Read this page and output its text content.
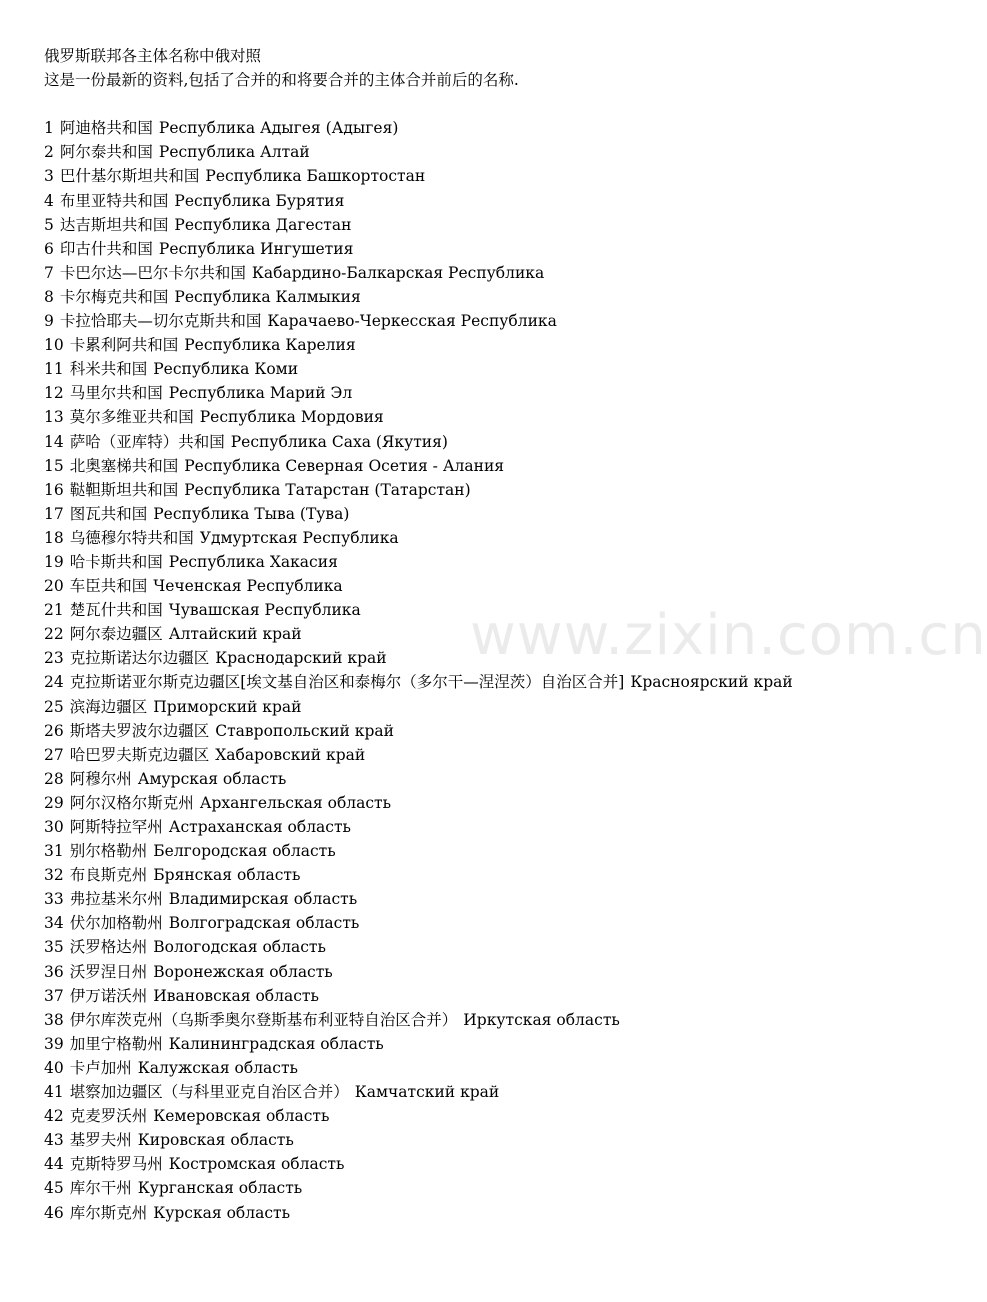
www.zixin.com.cn
俄罗斯联邦各主体名称中俄对照
这是一份最新的资料,包括了合并的和将要合并的主体合并前后的名称.
1 阿迪格共和国 Республика Адыгея (Адыгея)
2 阿尔泰共和国 Республика Алтай
3 巴什基尔斯坦共和国 Республика Башкортостан
4 布里亚特共和国 Республика Бурятия
5 达吉斯坦共和国 Республика Дагестан
6 印古什共和国 Республика Ингушетия
7 卡巴尔达—巴尔卡尔共和国 Кабардино-Балкарская Республика
8 卡尔梅克共和国 Республика Калмыкия
9 卡拉恰耶夫—切尔克斯共和国 Карачаево-Черкесская Республика
10 卡累利阿共和国 Республика Карелия
11 科米共和国 Республика Коми
12 马里尔共和国 Республика Марий Эл
13 莫尔多维亚共和国 Республика Мордовия
14 萨哈（亚库特）共和国 Республика Саха (Якутия)
15 北奥塞梯共和国 Республика Северная Осетия - Алания
16 鞑靼斯坦共和国 Республика Татарстан (Татарстан)
17 图瓦共和国 Республика Тыва (Тува)
18 乌德穆尔特共和国 Удмуртская Республика
19 哈卡斯共和国 Республика Хакасия
20 车臣共和国 Чеченская Республика
21 楚瓦什共和国 Чувашская Республика
22 阿尔泰边疆区 Алтайский край
23 克拉斯诺达尔边疆区 Краснодарский край
24 克拉斯诺亚尔斯克边疆区[埃文基自治区和泰梅尔（多尔干—涅涅茨）自治区合并] Красноярский край
25 滨海边疆区 Приморский край
26 斯塔夫罗波尔边疆区 Ставропольский край
27 哈巴罗夫斯克边疆区 Хабаровский край
28 阿穆尔州 Амурская область
29 阿尔汉格尔斯克州 Архангельская область
30 阿斯特拉罕州 Астраханская область
31 别尔格勒州 Белгородская область
32 布良斯克州 Брянская область
33 弗拉基米尔州 Владимирская область
34 伏尔加格勒州 Волгоградская область
35 沃罗格达州 Вологодская область
36 沃罗涅日州 Воронежская область
37 伊万诺沃州 Ивановская область
38 伊尔库茨克州（乌斯季奥尔登斯基布利亚特自治区合并） Иркутская область
39 加里宁格勒州 Калининградская область
40 卡卢加州 Калужская область
41 堪察加边疆区（与科里亚克自治区合并） Камчатский край
42 克麦罗沃州 Кемеровская область
43 基罗夫州 Кировская область
44 克斯特罗马州 Костромская область
45 库尔干州 Курганская область
46 库尔斯克州 Курская область
